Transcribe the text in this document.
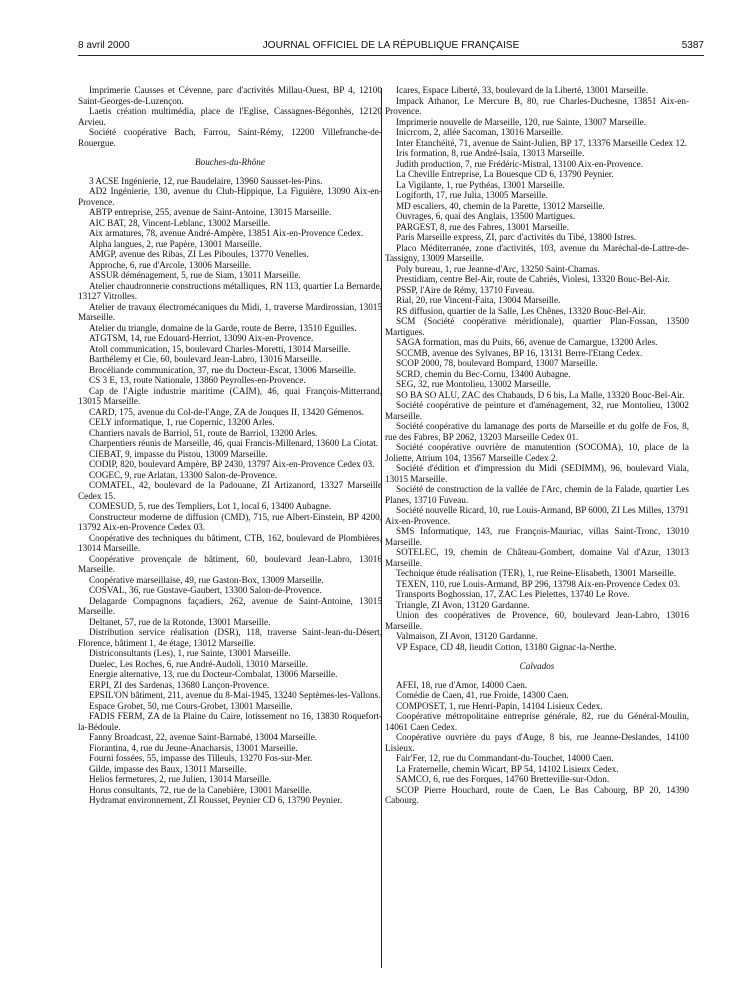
8 avril 2000	JOURNAL OFFICIEL DE LA RÉPUBLIQUE FRANÇAISE	5387

Imprimerie Causses et Cévenne, parc d'activités Millau-Ouest, BP 4, 12100 Saint-Georges-de-Luzençon.

Laetis création multimédia, place de l'Eglise, Cassagnes-Bégonhès, 12120 Arvieu.

Société coopérative Bach, Farrou, Saint-Rémy, 12200 Villefranche-de-Rouergue.

Bouches-du-Rhône

3 ACSE Ingénierie, 12, rue Baudelaire, 13960 Sausset-les-Pins.

AD2 Ingénierie, 130, avenue du Club-Hippique, La Figuière, 13090 Aix-en-Provence.

ABTP entreprise, 255, avenue de Saint-Antoine, 13015 Marseille.

AIC BAT, 28, Vincent-Leblanc, 13002 Marseille.

Aix armatures, 78, avenue André-Ampère, 13851 Aix-en-Provence Cedex.

Alpha langues, 2, rue Papère, 13001 Marseille.

AMGP, avenue des Ribas, ZI Les Piboules, 13770 Venelles.

Approche, 6, rue d'Arcole, 13006 Marseille.

ASSUR déménagement, 5, rue de Siam, 13011 Marseille.

Atelier chaudronnerie constructions métalliques, RN 113, quartier La Bernarde, 13127 Vitrolles.

Atelier de travaux électromécaniques du Midi, 1, traverse Mardirossian, 13015 Marseille.

Atelier du triangle, domaine de la Garde, route de Berre, 13510 Eguilles.

ATGTSM, 14, rue Edouard-Herriot, 13090 Aix-en-Provence.

Atoll communication, 15, boulevard Charles-Moretti, 13014 Marseille.

Barthélemy et Cie, 60, boulevard Jean-Labro, 13016 Marseille.

Brocéliande communication, 37, rue du Docteur-Escat, 13006 Marseille.

CS 3 E, 13, route Nationale, 13860 Peyrolles-en-Provence.

Cap de l'Aigle industrie maritime (CAIM), 46, quai François-Mitterrand, 13015 Marseille.

CARD, 175, avenue du Col-de-l'Ange, ZA de Jouques II, 13420 Gémenos.

CELY informatique, 1, rue Copernic, 13200 Arles.

Chantiers navals de Barriol, 51, route de Barriol, 13200 Arles.

Charpentiers réunis de Marseille, 46, quai Francis-Millenard, 13600 La Ciotat.

CIEBAT, 9, impasse du Pistou, 13009 Marseille.

CODIP, 820, boulevard Ampère, BP 2430, 13797 Aix-en-Provence Cedex 03.

COGEC, 9, rue Arlatan, 13300 Salon-de-Provence.

COMATEL, 42, boulevard de la Padouane, ZI Artizanord, 13327 Marseille Cedex 15.

COMESUD, 5, rue des Templiers, Lot 1, local 6, 13400 Aubagne.

Constructeur moderne de diffusion (CMD), 715, rue Albert-Einstein, BP 4200, 13792 Aix-en-Provence Cedex 03.

Coopérative des techniques du bâtiment, CTB, 162, boulevard de Plombières, 13014 Marseille.

Coopérative provençale de bâtiment, 60, boulevard Jean-Labro, 13016 Marseille.

Coopérative marseillaise, 49, rue Gaston-Box, 13009 Marseille.

COSVAL, 36, rue Gustave-Gaubert, 13300 Salon-de-Provence.

Delagarde Compagnons façadiers, 262, avenue de Saint-Antoine, 13015 Marseille.

Deltanet, 57, rue de la Rotonde, 13001 Marseille.

Distribution service réalisation (DSR), 118, traverse Saint-Jean-du-Désert, Florence, bâtiment 1, 4e étage, 13012 Marseille.

Districonsultants (Les), 1, rue Sainte, 13001 Marseille.

Duelec, Les Roches, 6, rue André-Audoli, 13010 Marseille.

Energie alternative, 13, rue du Docteur-Combalat, 13006 Marseille.

ERPI, ZI des Sardenas, 13680 Lançon-Provence.

EPSIL'ON bâtiment, 211, avenue du 8-Mai-1945, 13240 Septèmes-les-Vallons.

Espace Grobet, 50, rue Cours-Grobet, 13001 Marseille.

FADIS FERM, ZA de la Plaine du Caire, lotissement no 16, 13830 Roquefort-la-Bédoule.

Fanny Broadcast, 22, avenue Saint-Barnabé, 13004 Marseille.

Fiorantina, 4, rue du Jeune-Anacharsis, 13001 Marseille.

Fourni fossées, 55, impasse des Tilleuls, 13270 Fos-sur-Mer.

Gilde, impasse des Baux, 13011 Marseille.

Helios fermetures, 2, rue Julien, 13014 Marseille.

Horus consultants, 72, rue de la Canebière, 13001 Marseille.

Hydramat environnement, ZI Rousset, Peynier CD 6, 13790 Peynier.

Icares, Espace Liberté, 33, boulevard de la Liberté, 13001 Marseille.

Impack Athanor, Le Mercure B, 80, rue Charles-Duchesne, 13851 Aix-en-Provence.

Imprimerie nouvelle de Marseille, 120, rue Sainte, 13007 Marseille.

Inicrcom, 2, allée Sacoman, 13016 Marseille.

Inter Etanchéité, 71, avenue de Saint-Julien, BP 17, 13376 Marseille Cedex 12.

Iris formation, 8, rue André-Isaïa, 13013 Marseille.

Judith production, 7, rue Frédéric-Mistral, 13100 Aix-en-Provence.

La Cheville Entreprise, La Bouesque CD 6, 13790 Peynier.

La Vigilante, 1, rue Pythéas, 13001 Marseille.

Logiforth, 17, rue Julia, 13005 Marseille.

MD escaliers, 40, chemin de la Parette, 13012 Marseille.

Ouvrages, 6, quai des Anglais, 13500 Martigues.

PARGEST, 8, rue des Fabres, 13001 Marseille.

Paris Marseille express, ZI, parc d'activités du Tibé, 13800 Istres.

Placo Méditerranée, zone d'activités, 103, avenue du Maréchal-de-Lattre-de-Tassigny, 13009 Marseille.

Poly bureau, 1, rue Jeanne-d'Arc, 13250 Saint-Chamas.

Prestidiam, centre Bel-Air, route de Cabriès, Violesi, 13320 Bouc-Bel-Air.

PSSP, l'Aire de Rémy, 13710 Fuveau.

Rial, 20, rue Vincent-Faita, 13004 Marseille.

RS diffusion, quartier de la Salle, Les Chênes, 13320 Bouc-Bel-Air.

SCM (Société coopérative méridionale), quartier Plan-Fossan, 13500 Martigues.

SAGA formation, mas du Puits, 66, avenue de Camargue, 13200 Arles.

SCCMB, avenue des Sylvanes, BP 16, 13131 Berre-l'Etang Cedex.

SCOP 2000, 78, boulevard Bompard, 13007 Marseille.

SCRD, chemin du Bec-Cornu, 13400 Aubagne.

SEG, 32, rue Montolieu, 13002 Marseille.

SO BA SO ALU, ZAC des Chabauds, D 6 bis, La Malle, 13320 Bouc-Bel-Air.

Société coopérative de peinture et d'aménagement, 32, rue Montolieu, 13002 Marseille.

Société coopérative du lamanage des ports de Marseille et du golfe de Fos, 8, rue des Fabres, BP 2062, 13203 Marseille Cedex 01.

Société coopérative ouvrière de manutention (SOCOMA), 10, place de la Joliette, Atrium 104, 13567 Marseille Cedex 2.

Société d'édition et d'impression du Midi (SEDIMM), 96, boulevard Viala, 13015 Marseille.

Société de construction de la vallée de l'Arc, chemin de la Falade, quartier Les Planes, 13710 Fuveau.

Société nouvelle Ricard, 10, rue Louis-Armand, BP 6000, ZI Les Milles, 13791 Aix-en-Provence.

SMS Informatique, 143, rue François-Mauriac, villas Saint-Tronc, 13010 Marseille.

SOTELEC, 19, chemin de Château-Gombert, domaine Val d'Azur, 13013 Marseille.

Technique étude réalisation (TER), 1, rue Reine-Elisabeth, 13001 Marseille.

TEXEN, 110, rue Louis-Armand, BP 296, 13798 Aix-en-Provence Cedex 03.

Transports Boghossian, 17, ZAC Les Pielettes, 13740 Le Rove.

Triangle, ZI Avon, 13120 Gardanne.

Union des coopératives de Provence, 60, boulevard Jean-Labro, 13016 Marseille.

Valmaison, ZI Avon, 13120 Gardanne.

VP Espace, CD 48, lieudit Cotton, 13180 Gignac-la-Nerthe.

Calvados

AFEI, 18, rue d'Amor, 14000 Caen.

Comédie de Caen, 41, rue Froide, 14300 Caen.

COMPOSET, 1, rue Henri-Papin, 14104 Lisieux Cedex.

Coopérative métropolitaine entreprise générale, 82, rue du Général-Moulin, 14061 Caen Cedex.

Coopérative ouvrière du pays d'Auge, 8 bis, rue Jeanne-Deslandes, 14100 Lisieux.

Fair'Fer, 12, rue du Commandant-du-Touchet, 14000 Caen.

La Fraternelle, chemin Wicart, BP 54, 14102 Lisieux Cedex.

SAMCO, 6, rue des Forques, 14760 Bretteville-sur-Odon.

SCOP Pierre Houchard, route de Caen, Le Bas Cabourg, BP 20, 14390 Cabourg.
